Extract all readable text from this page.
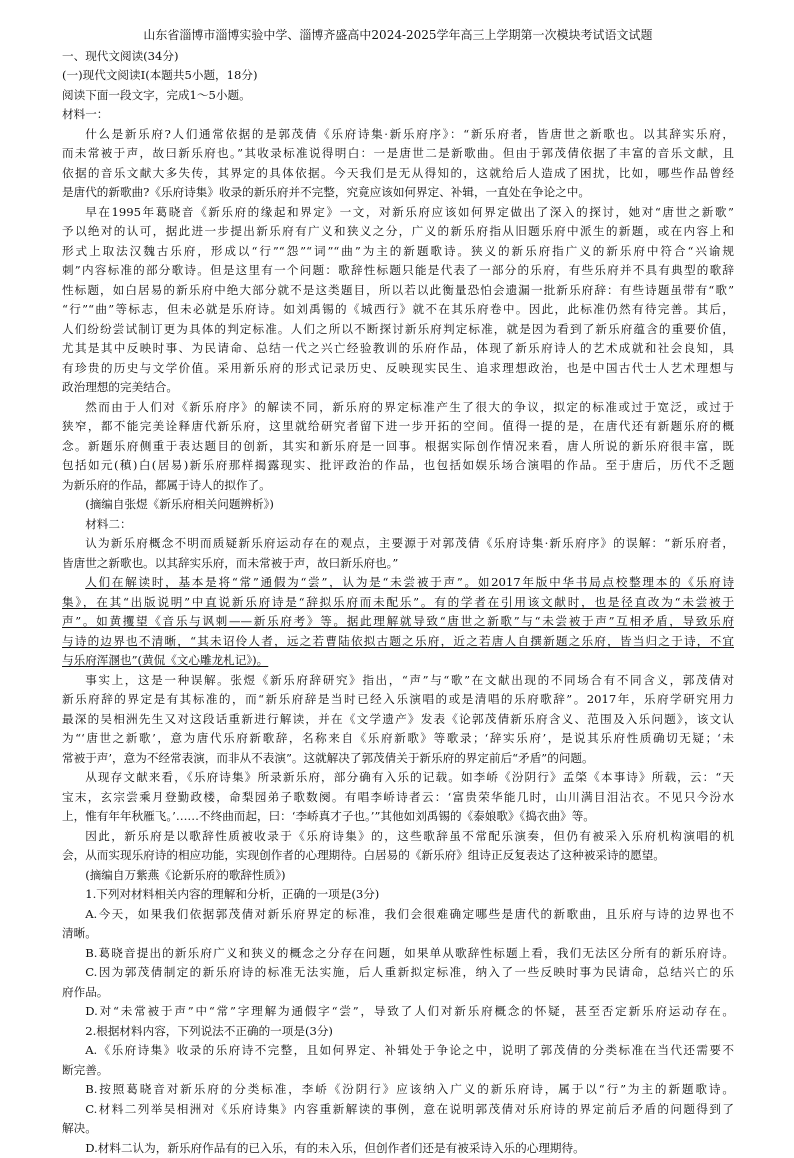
山东省淄博市淄博实验中学、淄博齐盛高中2024-2025学年高三上学期第一次模块考试语文试题

一、现代文阅读(34分)

(一)现代文阅读Ⅰ(本题共5小题，18分)

阅读下面一段文字，完成1～5小题。

材料一：

什么是新乐府?人们通常依据的是郭茂倩《乐府诗集·新乐府序》：“新乐府者，皆唐世之新歌也。以其辞实乐府，

而未常被于声，故曰新乐府也。”其收录标准说得明白：一是唐世二是新歌曲。但由于郭茂倩依据了丰富的音乐文献，且

依据的音乐文献大多失传，其界定的具体依据。今天我们是无从得知的，这就给后人造成了困扰，比如，哪些作品曾经

是唐代的新歌曲?《乐府诗集》收录的新乐府并不完整，究竟应该如何界定、补辑，一直处在争论之中。

早在1995年葛晓音《新乐府的缘起和界定》一文，对新乐府应该如何界定做出了深入的探讨，她对“唐世之新歌”

予以绝对的认可，据此进一步提出新乐府有广义和狭义之分，广义的新乐府指从旧题乐府中派生的新题，或在内容上和

形式上取法汉魏古乐府，形成以“行”“怨”“词”“曲”为主的新题歌诗。狭义的新乐府指广义的新乐府中符合“兴谕规

刺”内容标准的部分歌诗。但是这里有一个问题：歌辞性标题只能是代表了一部分的乐府，有些乐府并不具有典型的歌辞

性标题，如白居易的新乐府中绝大部分就不是这类题目，所以若以此衡量恐怕会遗漏一批新乐府辞：有些诗题虽带有“歌”

“行”“曲”等标志，但未必就是乐府诗。如刘禹锡的《城西行》就不在其乐府卷中。因此，此标准仍然有待完善。其后，

人们纷纷尝试制订更为具体的判定标准。人们之所以不断探讨新乐府判定标准，就是因为看到了新乐府蕴含的重要价值，

尤其是其中反映时事、为民请命、总结一代之兴亡经验教训的乐府作品，体现了新乐府诗人的艺术成就和社会良知，具

有珍贵的历史与文学价值。采用新乐府的形式记录历史、反映现实民生、追求理想政治，也是中国古代士人艺术理想与

政治理想的完美结合。

然而由于人们对《新乐府序》的解读不同，新乐府的界定标准产生了很大的争议，拟定的标准或过于宽泛，或过于

狭窄，都不能完美诠释唐代新乐府，这里就给研究者留下进一步开拓的空间。值得一提的是，在唐代还有新题乐府的概

念。新题乐府侧重于表达题目的创新，其实和新乐府是一回事。根据实际创作情况来看，唐人所说的新乐府很丰富，既

包括如元(稹)白(居易)新乐府那样揭露现实、批评政治的作品，也包括如娱乐场合演唱的作品。至于唐后，历代不乏题

为新乐府的作品，都属于诗人的拟作了。

(摘编自张煜《新乐府相关问题辨析》)

材料二：

认为新乐府概念不明而质疑新乐府运动存在的观点，主要源于对郭茂倩《乐府诗集·新乐府序》的误解：“新乐府者，

皆唐世之新歌也。以其辞实乐府，而未常被于声，故曰新乐府也。”

人们在解读时，基本是将“常”通假为“尝”，认为是“未尝被于声”。如2017年版中华书局点校整理本的《乐府诗

集》，在其“出版说明”中直说新乐府诗是“辞拟乐府而未配乐”。有的学者在引用该文献时，也是径直改为“未尝被于

声”。如黄攫望《音乐与讽刺——新乐府考》等。据此理解就导致“唐世之新歌”与“未尝被于声”互相矛盾，导致乐府

与诗的边界也不清晰，“其未诏伶人者，远之若曹陆依拟古题之乐府，近之若唐人自撰新题之乐府，皆当归之于诗，不宜

与乐府浑溷也”(黄侃《文心雕龙札记》)。

事实上，这是一种误解。张煜《新乐府辞研究》指出，“声”与“歌”在文献出现的不同场合有不同含义，郭茂倩对

新乐府辞的界定是有其标准的，而“新乐府辞是当时已经入乐演唱的或是清唱的乐府歌辞”。2017年，乐府学研究用力

最深的吴相洲先生又对这段话重新进行解读，并在《文学遗产》发表《论郭茂倩新乐府含义、范围及入乐问题》，该文认

为“‘唐世之新歌’，意为唐代乐府新歌辞，名称来自《乐府新歌》等歌录；‘辞实乐府’，是说其乐府性质确切无疑；‘未

常被于声’，意为不经常表演，而非从不表演”。这就解决了郭茂倩关于新乐府的界定前后“矛盾”的问题。

从现存文献来看，《乐府诗集》所录新乐府，部分确有入乐的记载。如李峤《汾阴行》孟棨《本事诗》所载，云：“天

宝末，玄宗尝乘月登勤政楼，命梨园弟子歌数阕。有唱李峤诗者云：‘富贵荣华能几时，山川满目泪沾衣。不见只今汾水

上，惟有年年秋雁飞。’……不终曲而起，曰：‘李峤真才子也。’”其他如刘禹锡的《泰娘歌》《捣衣曲》等。

因此，新乐府是以歌辞性质被收录于《乐府诗集》的，这些歌辞虽不常配乐演奏，但仍有被采入乐府机构演唱的机

会，从而实现乐府诗的相应功能，实现创作者的心理期待。白居易的《新乐府》组诗正反复表达了这种被采诗的愿望。

(摘编自万紫燕《论新乐府的歌辞性质》)

1.下列对材料相关内容的理解和分析，正确的一项是(3分)

A.今天，如果我们依据郭茂倩对新乐府界定的标准，我们会很难确定哪些是唐代的新歌曲，且乐府与诗的边界也不

清晰。

B.葛晓音提出的新乐府广义和狭义的概念之分存在问题，如果单从歌辞性标题上看，我们无法区分所有的新乐府诗。

C.因为郭茂倩制定的新乐府诗的标准无法实施，后人重新拟定标准，纳入了一些反映时事为民请命，总结兴亡的乐

府作品。

D.对“未常被于声”中“常”字理解为通假字“尝”，导致了人们对新乐府概念的怀疑，甚至否定新乐府运动存在。

2.根据材料内容，下列说法不正确的一项是(3分)

A.《乐府诗集》收录的乐府诗不完整，且如何界定、补辑处于争论之中，说明了郭茂倩的分类标准在当代还需要不

断完善。

B.按照葛晓音对新乐府的分类标准，李峤《汾阴行》应该纳入广义的新乐府诗，属于以“行”为主的新题歌诗。

C.材料二列举吴相洲对《乐府诗集》内容重新解读的事例，意在说明郭茂倩对乐府诗的界定前后矛盾的问题得到了

解决。

D.材料二认为，新乐府作品有的已入乐，有的未入乐，但创作者们还是有被采诗入乐的心理期待。
